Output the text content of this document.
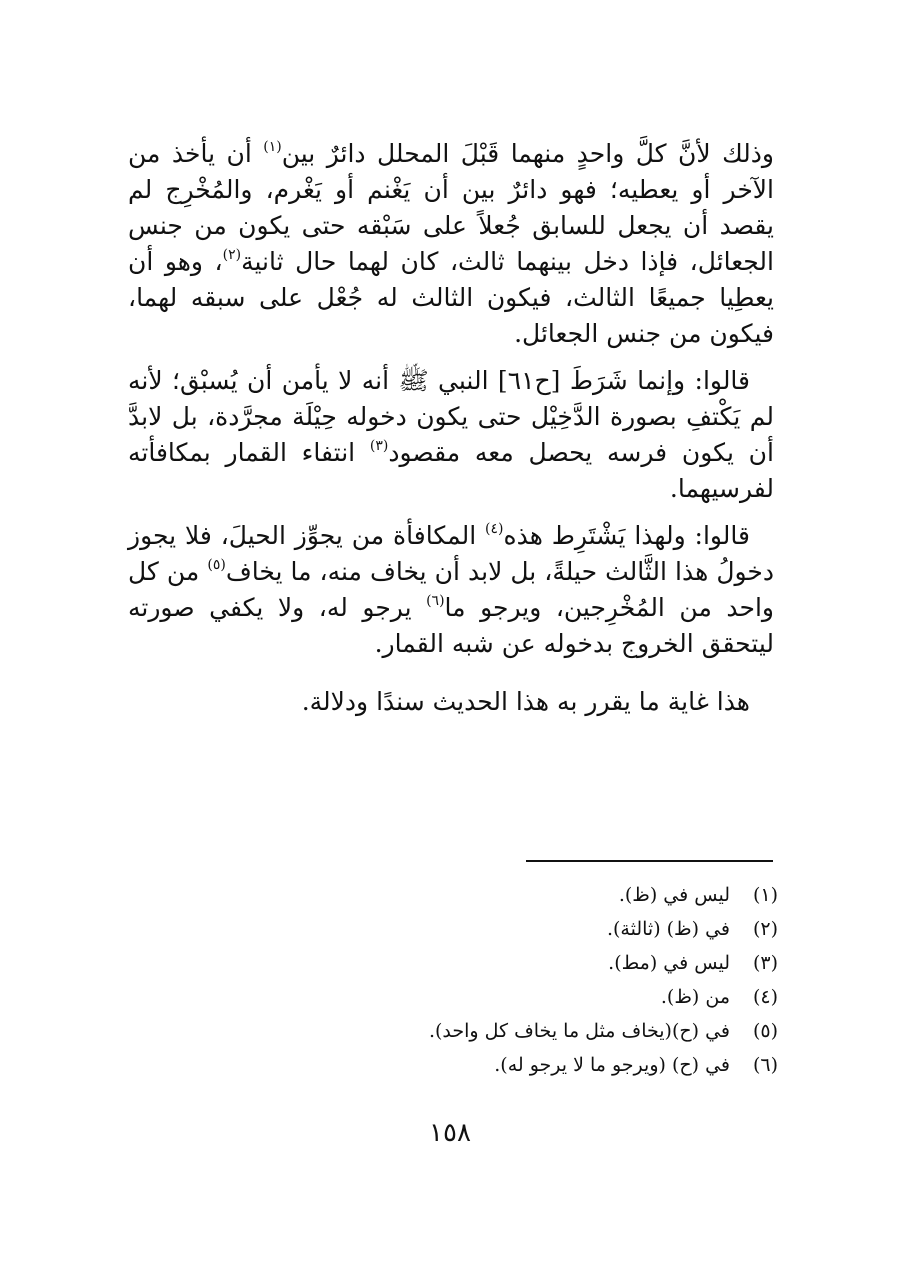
وذلك لأنَّ كلَّ واحدٍ منهما قَبْلَ المحلل دائرٌ بين$^{(١)}$ أن يأخذ من الآخر أو يعطيه؛ فهو دائرٌ بين أن يَغْنم أو يَغْرم، والمُخْرِج لم يقصد أن يجعل للسابق جُعلاً على سَبْقه حتى يكون من جنس الجعائل، فإذا دخل بينهما ثالث، كان لهما حال ثانية$^{(٢)}$، وهو أن يعطِيا جميعًا الثالث، فيكون الثالث له جُعْل على سبقه لهما، فيكون من جنس الجعائل.

قالوا: وإنما شَرَطَ [ح٦١] النبي ﷺ أنه لا يأمن أن يُسبْق؛ لأنه لم يَكْتفِ بصورة الدَّخِيْل حتى يكون دخوله حِيْلَة مجرَّدة، بل لابدَّ أن يكون فرسه يحصل معه مقصود$^{(٣)}$ انتفاء القمار بمكافأته لفرسيهما.

قالوا: ولهذا يَشْتَرِط هذه$^{(٤)}$ المكافأة من يجوِّز الحيلَ، فلا يجوز دخولُ هذا الثَّالث حيلةً، بل لابد أن يخاف منه، ما يخاف$^{(٥)}$ من كل واحد من المُخْرِجين، ويرجو ما$^{(٦)}$ يرجو له، ولا يكفي صورته ليتحقق الخروج بدخوله عن شبه القمار.

هذا غاية ما يقرر به هذا الحديث سندًا ودلالة.

(١)
ليس في (ظ).
(٢)
في (ظ) (ثالثة).
(٣)
ليس في (مط).
(٤)
من (ظ).
(٥)
في (ح)(يخاف مثل ما يخاف كل واحد).
(٦)
في (ح) (ويرجو ما لا يرجو له).
١٥٨
